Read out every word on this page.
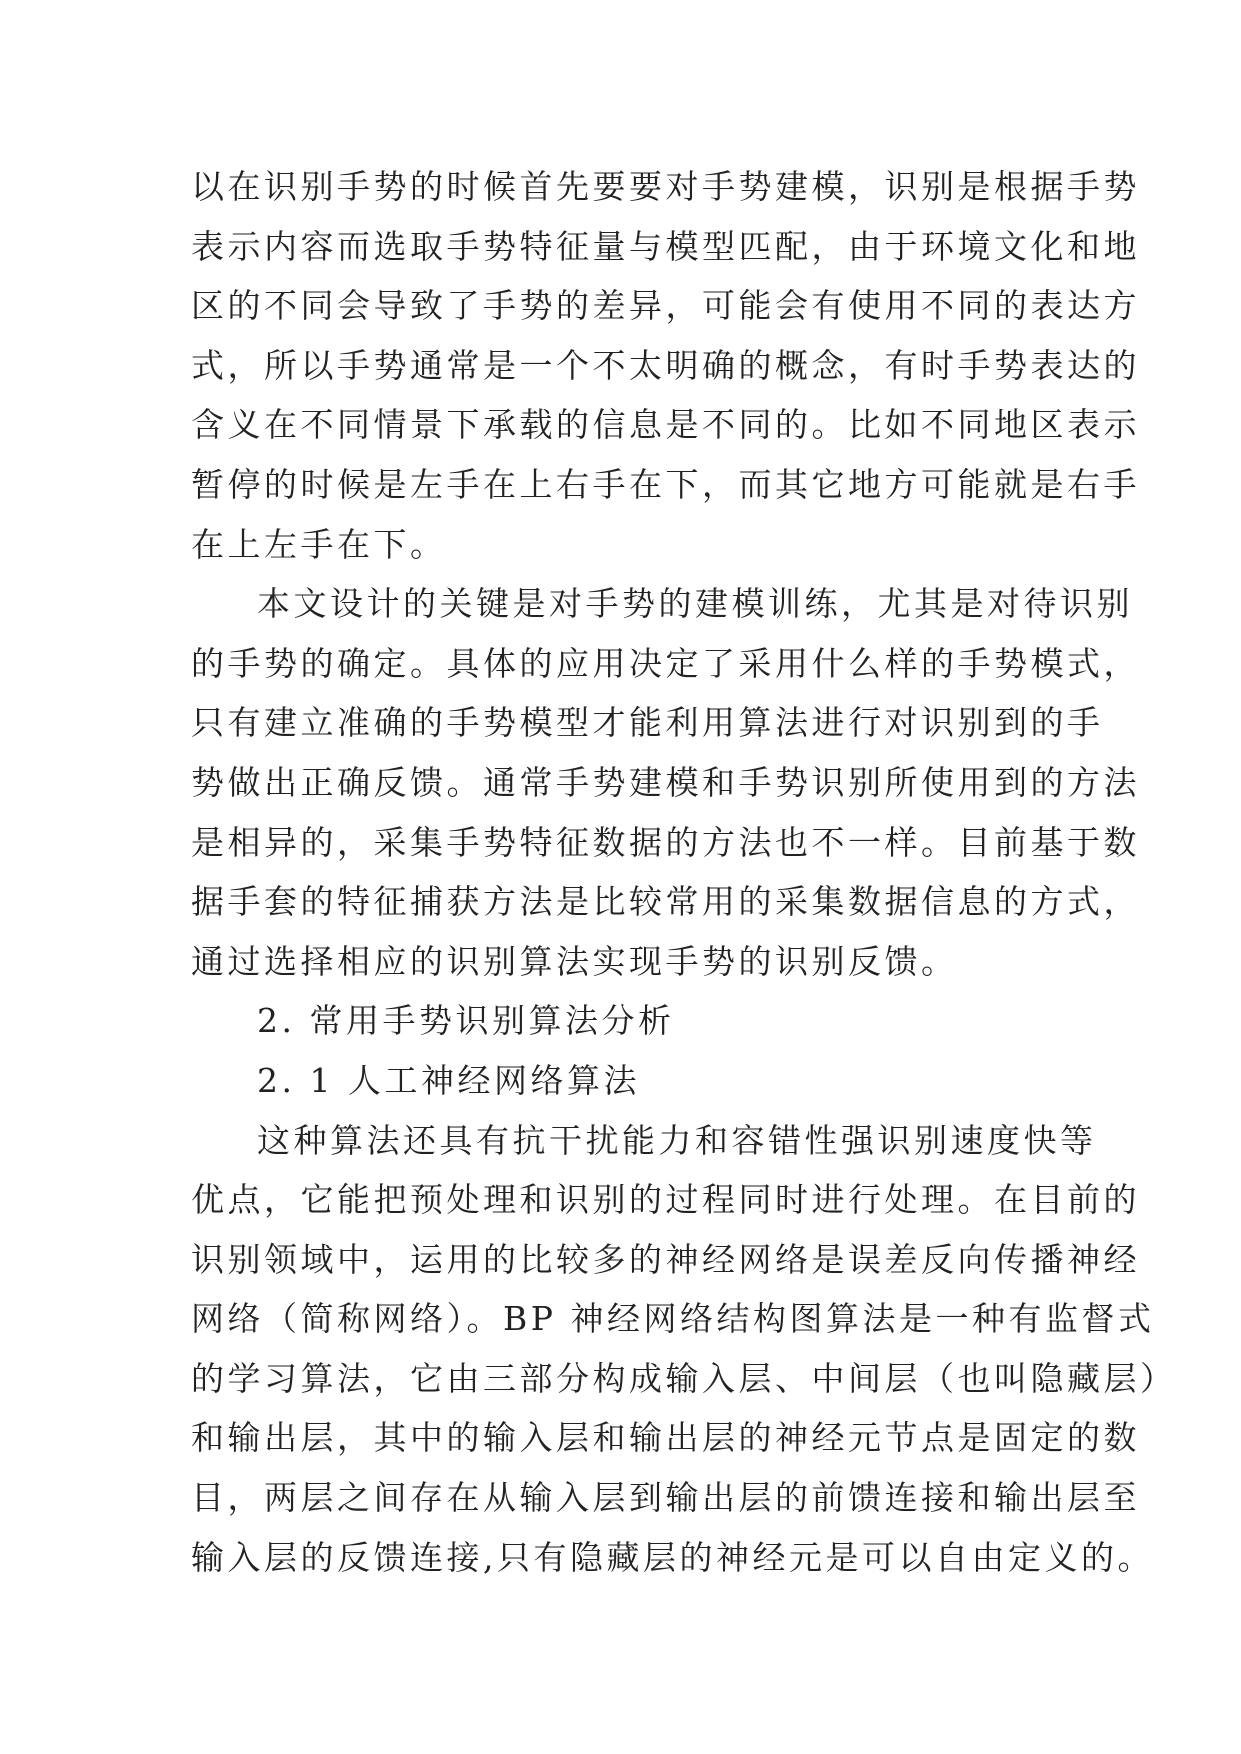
以在识别手势的时候首先要要对手势建模，识别是根据手势
表示内容而选取手势特征量与模型匹配，由于环境文化和地
区的不同会导致了手势的差异，可能会有使用不同的表达方
式，所以手势通常是一个不太明确的概念，有时手势表达的
含义在不同情景下承载的信息是不同的。比如不同地区表示
暂停的时候是左手在上右手在下，而其它地方可能就是右手
在上左手在下。
本文设计的关键是对手势的建模训练，尤其是对待识别
的手势的确定。具体的应用决定了采用什么样的手势模式，
只有建立准确的手势模型才能利用算法进行对识别到的手
势做出正确反馈。通常手势建模和手势识别所使用到的方法
是相异的，采集手势特征数据的方法也不一样。目前基于数
据手套的特征捕获方法是比较常用的采集数据信息的方式，
通过选择相应的识别算法实现手势的识别反馈。
2. 常用手势识别算法分析
2. 1 人工神经网络算法
这种算法还具有抗干扰能力和容错性强识别速度快等
优点，它能把预处理和识别的过程同时进行处理。在目前的
识别领域中，运用的比较多的神经网络是误差反向传播神经
网络（简称网络）。BP 神经网络结构图算法是一种有监督式
的学习算法，它由三部分构成输入层、中间层（也叫隐藏层）
和输出层，其中的输入层和输出层的神经元节点是固定的数
目，两层之间存在从输入层到输出层的前馈连接和输出层至
输入层的反馈连接,只有隐藏层的神经元是可以自由定义的。
